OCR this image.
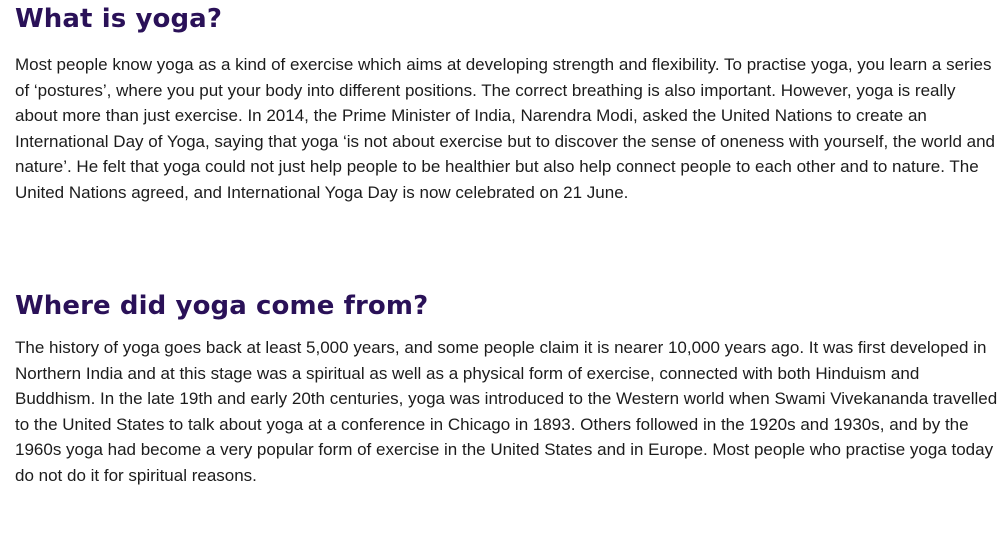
What is yoga?

Most people know yoga as a kind of exercise which aims at developing strength and flexibility. To practise yoga, you learn a series of ‘postures’, where you put your body into different positions. The correct breathing is also important. However, yoga is really about more than just exercise. In 2014, the Prime Minister of India, Narendra Modi, asked the United Nations to create an International Day of Yoga, saying that yoga ‘is not about exercise but to discover the sense of oneness with yourself, the world and nature’. He felt that yoga could not just help people to be healthier but also help connect people to each other and to nature. The United Nations agreed, and International Yoga Day is now celebrated on 21 June.

Where did yoga come from?

The history of yoga goes back at least 5,000 years, and some people claim it is nearer 10,000 years ago. It was first developed in Northern India and at this stage was a spiritual as well as a physical form of exercise, connected with both Hinduism and Buddhism. In the late 19th and early 20th centuries, yoga was introduced to the Western world when Swami Vivekananda travelled to the United States to talk about yoga at a conference in Chicago in 1893. Others followed in the 1920s and 1930s, and by the 1960s yoga had become a very popular form of exercise in the United States and in Europe. Most people who practise yoga today do not do it for spiritual reasons.
